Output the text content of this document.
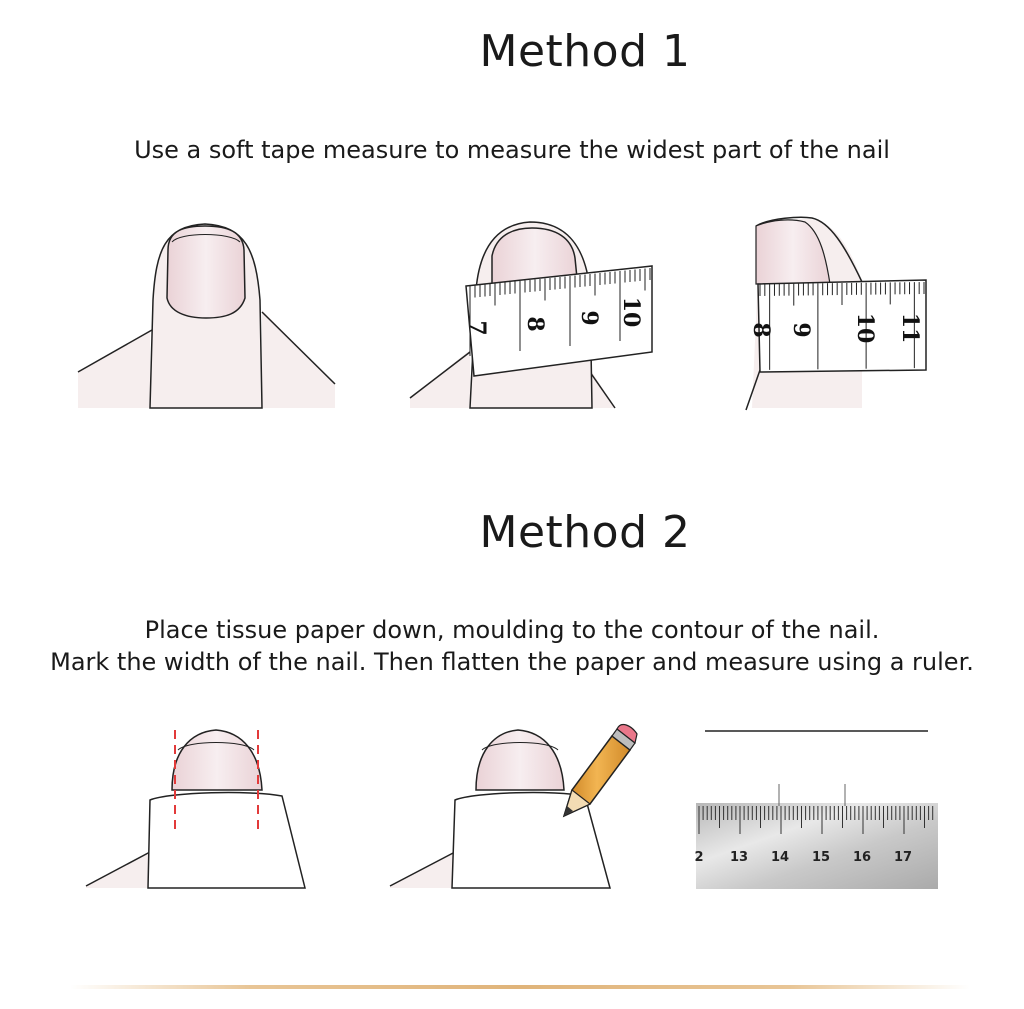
Method 1
Use a soft tape measure to measure the widest part of the nail
Method 2
Place tissue paper down, moulding to the contour of the nail.
Mark the width of the nail. Then flatten the paper and measure using a ruler.
7 8 9 10
8 9 10 11
2 13 14 15 16 17
